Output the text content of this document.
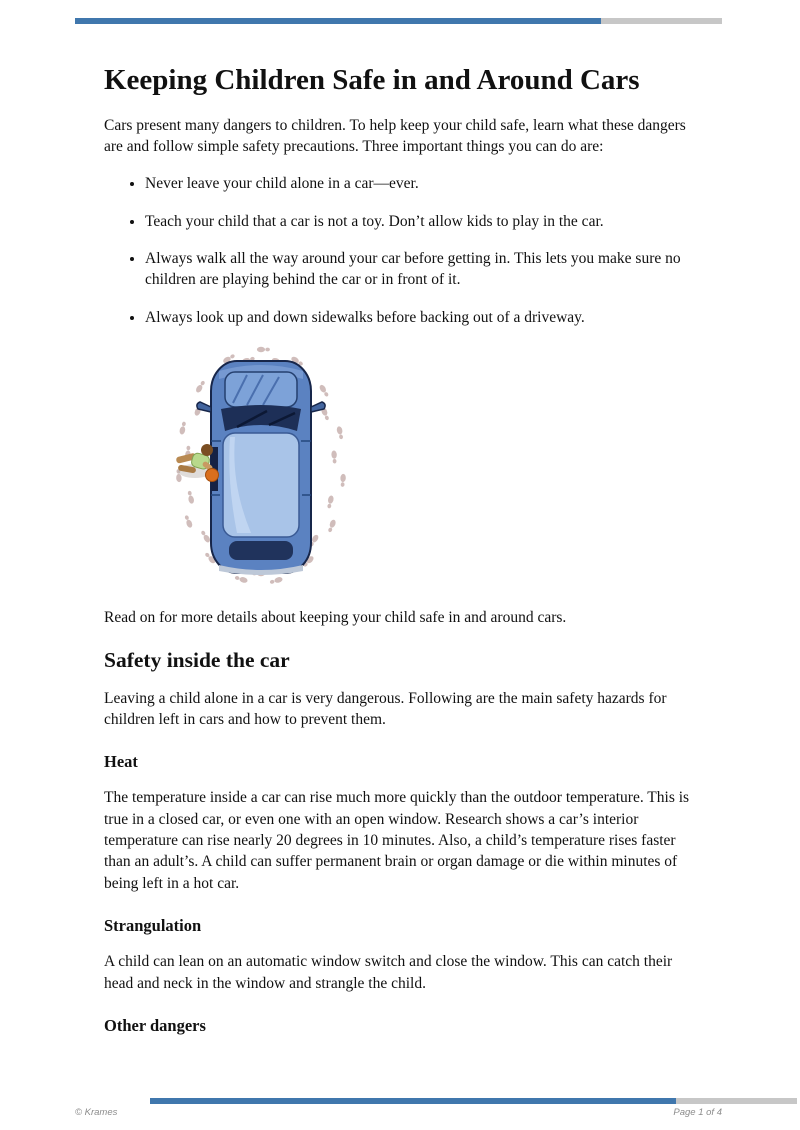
Keeping Children Safe in and Around Cars

Cars present many dangers to children. To help keep your child safe, learn what these dangers are and follow simple safety precautions. Three important things you can do are:

• Never leave your child alone in a car—ever.
• Teach your child that a car is not a toy. Don’t allow kids to play in the car.
• Always walk all the way around your car before getting in. This lets you make sure no children are playing behind the car or in front of it.
• Always look up and down sidewalks before backing out of a driveway.

Read on for more details about keeping your child safe in and around cars.

Safety inside the car

Leaving a child alone in a car is very dangerous. Following are the main safety hazards for children left in cars and how to prevent them.

Heat

The temperature inside a car can rise much more quickly than the outdoor temperature. This is true in a closed car, or even one with an open window. Research shows a car’s interior temperature can rise nearly 20 degrees in 10 minutes. Also, a child’s temperature rises faster than an adult’s. A child can suffer permanent brain or organ damage or die within minutes of being left in a hot car.

Strangulation

A child can lean on an automatic window switch and close the window. This can catch their head and neck in the window and strangle the child.

Other dangers
© Krames	Page 1 of 4
